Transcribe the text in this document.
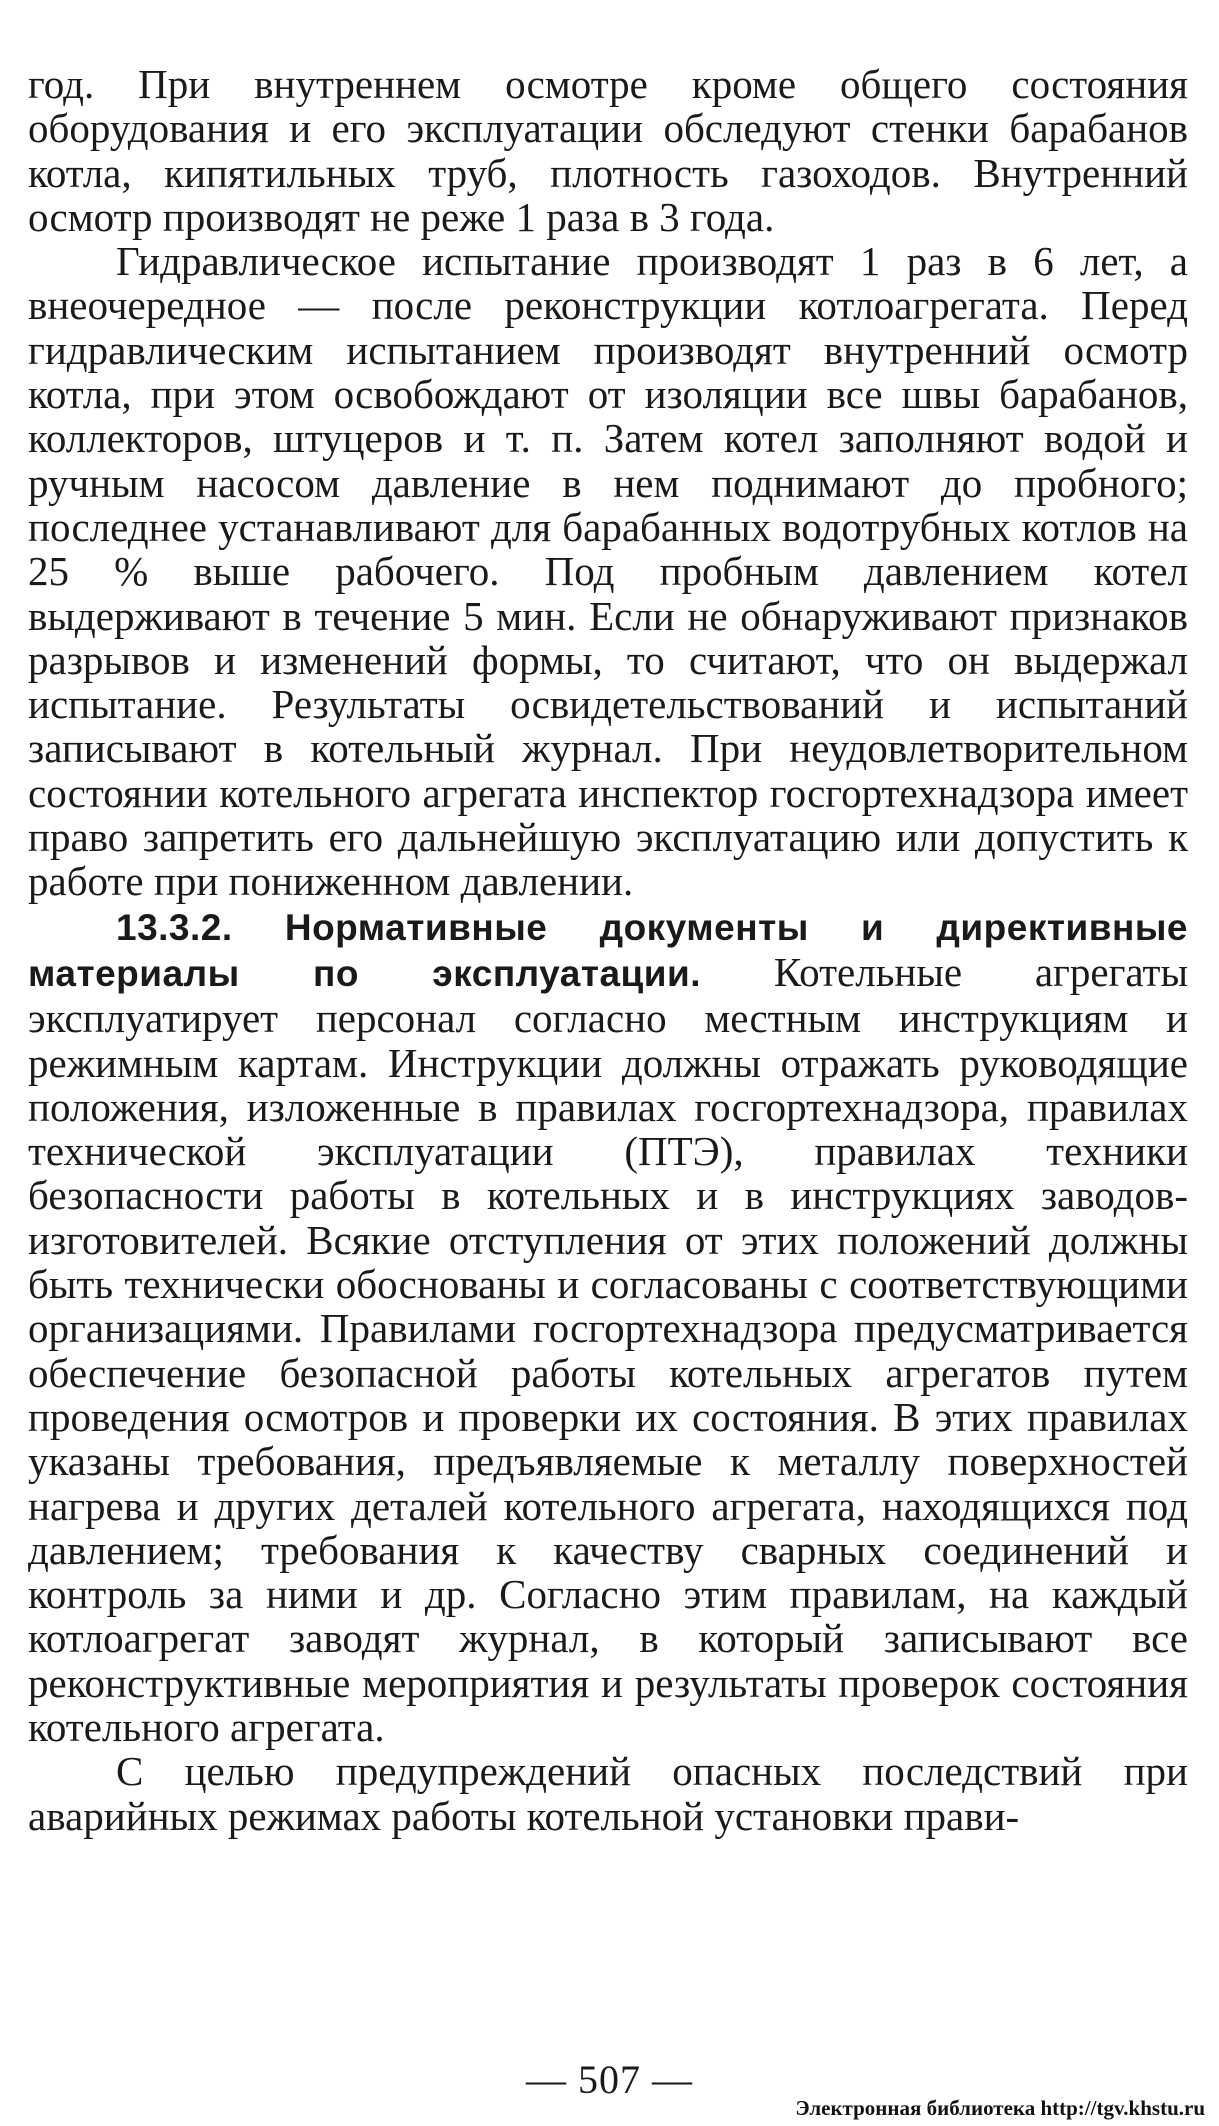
год. При внутреннем осмотре кроме общего состояния оборудования и его эксплуатации обследуют стенки барабанов котла, кипятильных труб, плотность газоходов. Внутренний осмотр производят не реже 1 раза в 3 года.

Гидравлическое испытание производят 1 раз в 6 лет, а внеочередное — после реконструкции котлоагрегата. Перед гидравлическим испытанием производят внутренний осмотр котла, при этом освобождают от изоляции все швы барабанов, коллекторов, штуцеров и т. п. Затем котел заполняют водой и ручным насосом давление в нем поднимают до пробного; последнее устанавливают для барабанных водотрубных котлов на 25 % выше рабочего. Под пробным давлением котел выдерживают в течение 5 мин. Если не обнаруживают признаков разрывов и изменений формы, то считают, что он выдержал испытание. Результаты освидетельствований и испытаний записывают в котельный журнал. При неудовлетворительном состоянии котельного агрегата инспектор госгортехнадзора имеет право запретить его дальнейшую эксплуатацию или допустить к работе при пониженном давлении.

13.3.2. Нормативные документы и директивные материалы по эксплуатации. Котельные агрегаты эксплуатирует персонал согласно местным инструкциям и режимным картам. Инструкции должны отражать руководящие положения, изложенные в правилах госгортехнадзора, правилах технической эксплуатации (ПТЭ), правилах техники безопасности работы в котельных и в инструкциях заводов-изготовителей. Всякие отступления от этих положений должны быть технически обоснованы и согласованы с соответствующими организациями. Правилами госгортехнадзора предусматривается обеспечение безопасной работы котельных агрегатов путем проведения осмотров и проверки их состояния. В этих правилах указаны требования, предъявляемые к металлу поверхностей нагрева и других деталей котельного агрегата, находящихся под давлением; требования к качеству сварных соединений и контроль за ними и др. Согласно этим правилам, на каждый котлоагрегат заводят журнал, в который записывают все реконструктивные мероприятия и результаты проверок состояния котельного агрегата.

С целью предупреждений опасных последствий при аварийных режимах работы котельной установки прави-

— 507 —
Электронная библиотека http://tgv.khstu.ru
